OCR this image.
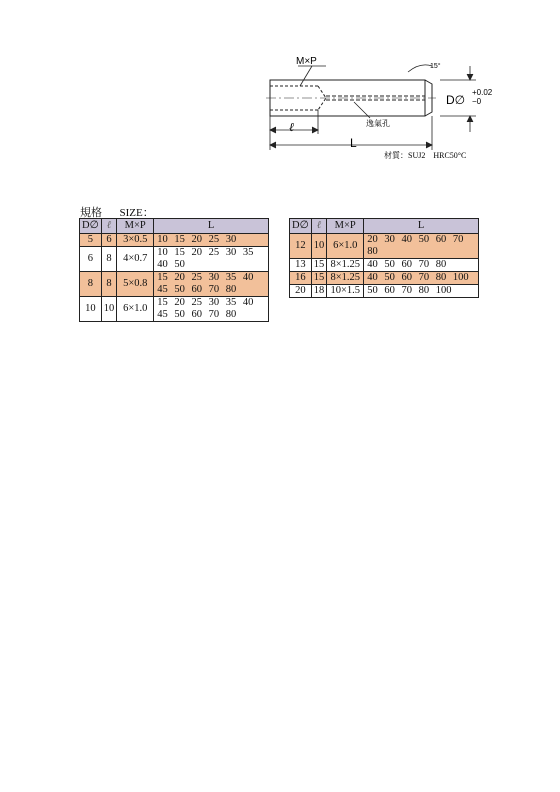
M×P	15°
D∅
+0.02
−0
逸氣孔
ℓ
L
材質：SUJ2    HRC50°C
規格 SIZE：
D∅	ℓ	M×P	L
5	6	3×0.5	10 15 20 25 30

6	8	4×0.7	10 15 20 25 30 35
40 50

8	8	5×0.8	15 20 25 30 35 40
45 50 60 70 80

10	10	6×1.0	15 20 25 30 35 40
45 50 60 70 80
D∅	ℓ	M×P	L
12	10	6×1.0	20 30 40 50 60 70
80

13	15	8×1.25	40 50 60 70 80

16	15	8×1.25	40 50 60 70 80 100

20	18	10×1.5	50 60 70 80 100
